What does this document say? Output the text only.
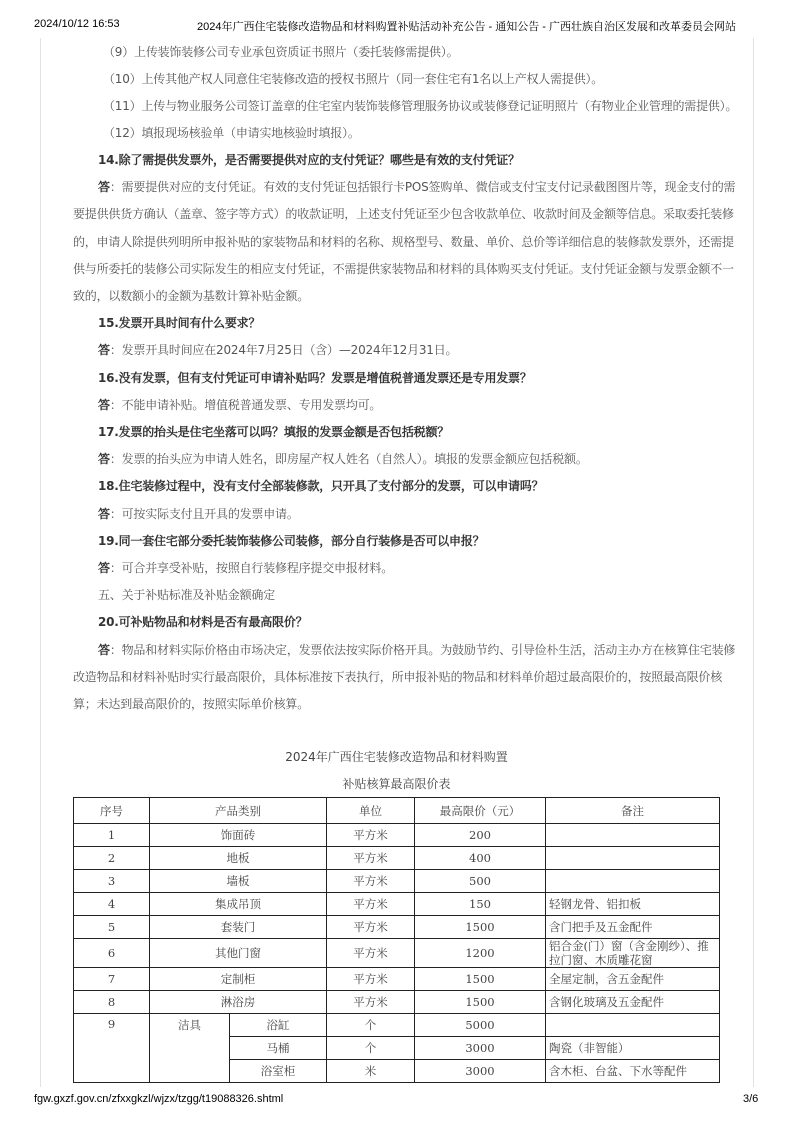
2024/10/12 16:53	2024年广西住宅装修改造物品和材料购置补贴活动补充公告 - 通知公告 - 广西壮族自治区发展和改革委员会网站
（9）上传装饰装修公司专业承包资质证书照片（委托装修需提供）。
（10）上传其他产权人同意住宅装修改造的授权书照片（同一套住宅有1名以上产权人需提供）。
（11）上传与物业服务公司签订盖章的住宅室内装饰装修管理服务协议或装修登记证明照片（有物业企业管理的需提供）。
（12）填报现场核验单（申请实地核验时填报）。
14.除了需提供发票外，是否需要提供对应的支付凭证？哪些是有效的支付凭证？
答：需要提供对应的支付凭证。有效的支付凭证包括银行卡POS签购单、微信或支付宝支付记录截图图片等，现金支付的需
要提供供货方确认（盖章、签字等方式）的收款证明，上述支付凭证至少包含收款单位、收款时间及金额等信息。采取委托装修
的，申请人除提供列明所申报补贴的家装物品和材料的名称、规格型号、数量、单价、总价等详细信息的装修款发票外，还需提
供与所委托的装修公司实际发生的相应支付凭证，不需提供家装物品和材料的具体购买支付凭证。支付凭证金额与发票金额不一
致的，以数额小的金额为基数计算补贴金额。
15.发票开具时间有什么要求？
答：发票开具时间应在2024年7月25日（含）—2024年12月31日。
16.没有发票，但有支付凭证可申请补贴吗？发票是增值税普通发票还是专用发票？
答：不能申请补贴。增值税普通发票、专用发票均可。
17.发票的抬头是住宅坐落可以吗？填报的发票金额是否包括税额？
答：发票的抬头应为申请人姓名，即房屋产权人姓名（自然人）。填报的发票金额应包括税额。
18.住宅装修过程中，没有支付全部装修款，只开具了支付部分的发票，可以申请吗？
答：可按实际支付且开具的发票申请。
19.同一套住宅部分委托装饰装修公司装修，部分自行装修是否可以申报？
答：可合并享受补贴，按照自行装修程序提交申报材料。
五、关于补贴标准及补贴金额确定
20.可补贴物品和材料是否有最高限价？
答：物品和材料实际价格由市场决定，发票依法按实际价格开具。为鼓励节约、引导俭朴生活，活动主办方在核算住宅装修
改造物品和材料补贴时实行最高限价，具体标准按下表执行，所申报补贴的物品和材料单价超过最高限价的，按照最高限价核
算；未达到最高限价的，按照实际单价核算。
2024年广西住宅装修改造物品和材料购置
补贴核算最高限价表
序号	产品类别		单位	最高限价（元）	备注
1	饰面砖		平方米	200	
2	地板		平方米	400	
3	墙板		平方米	500	
4	集成吊顶		平方米	150	轻钢龙骨、铝扣板
5	套装门		平方米	1500	含门把手及五金配件
6	其他门窗		平方米	1200	铝合金(门）窗（含金刚纱）、推拉门窗、木质雕花窗
7	定制柜		平方米	1500	全屋定制，含五金配件
8	淋浴房		平方米	1500	含钢化玻璃及五金配件
9	洁具	浴缸	个	5000	
		马桶	个	3000	陶瓷（非智能）
		浴室柜	米	3000	含木柜、台盆、下水等配件
fgw.gxzf.gov.cn/zfxxgkzl/wjzx/tzgg/t19088326.shtml	3/6
